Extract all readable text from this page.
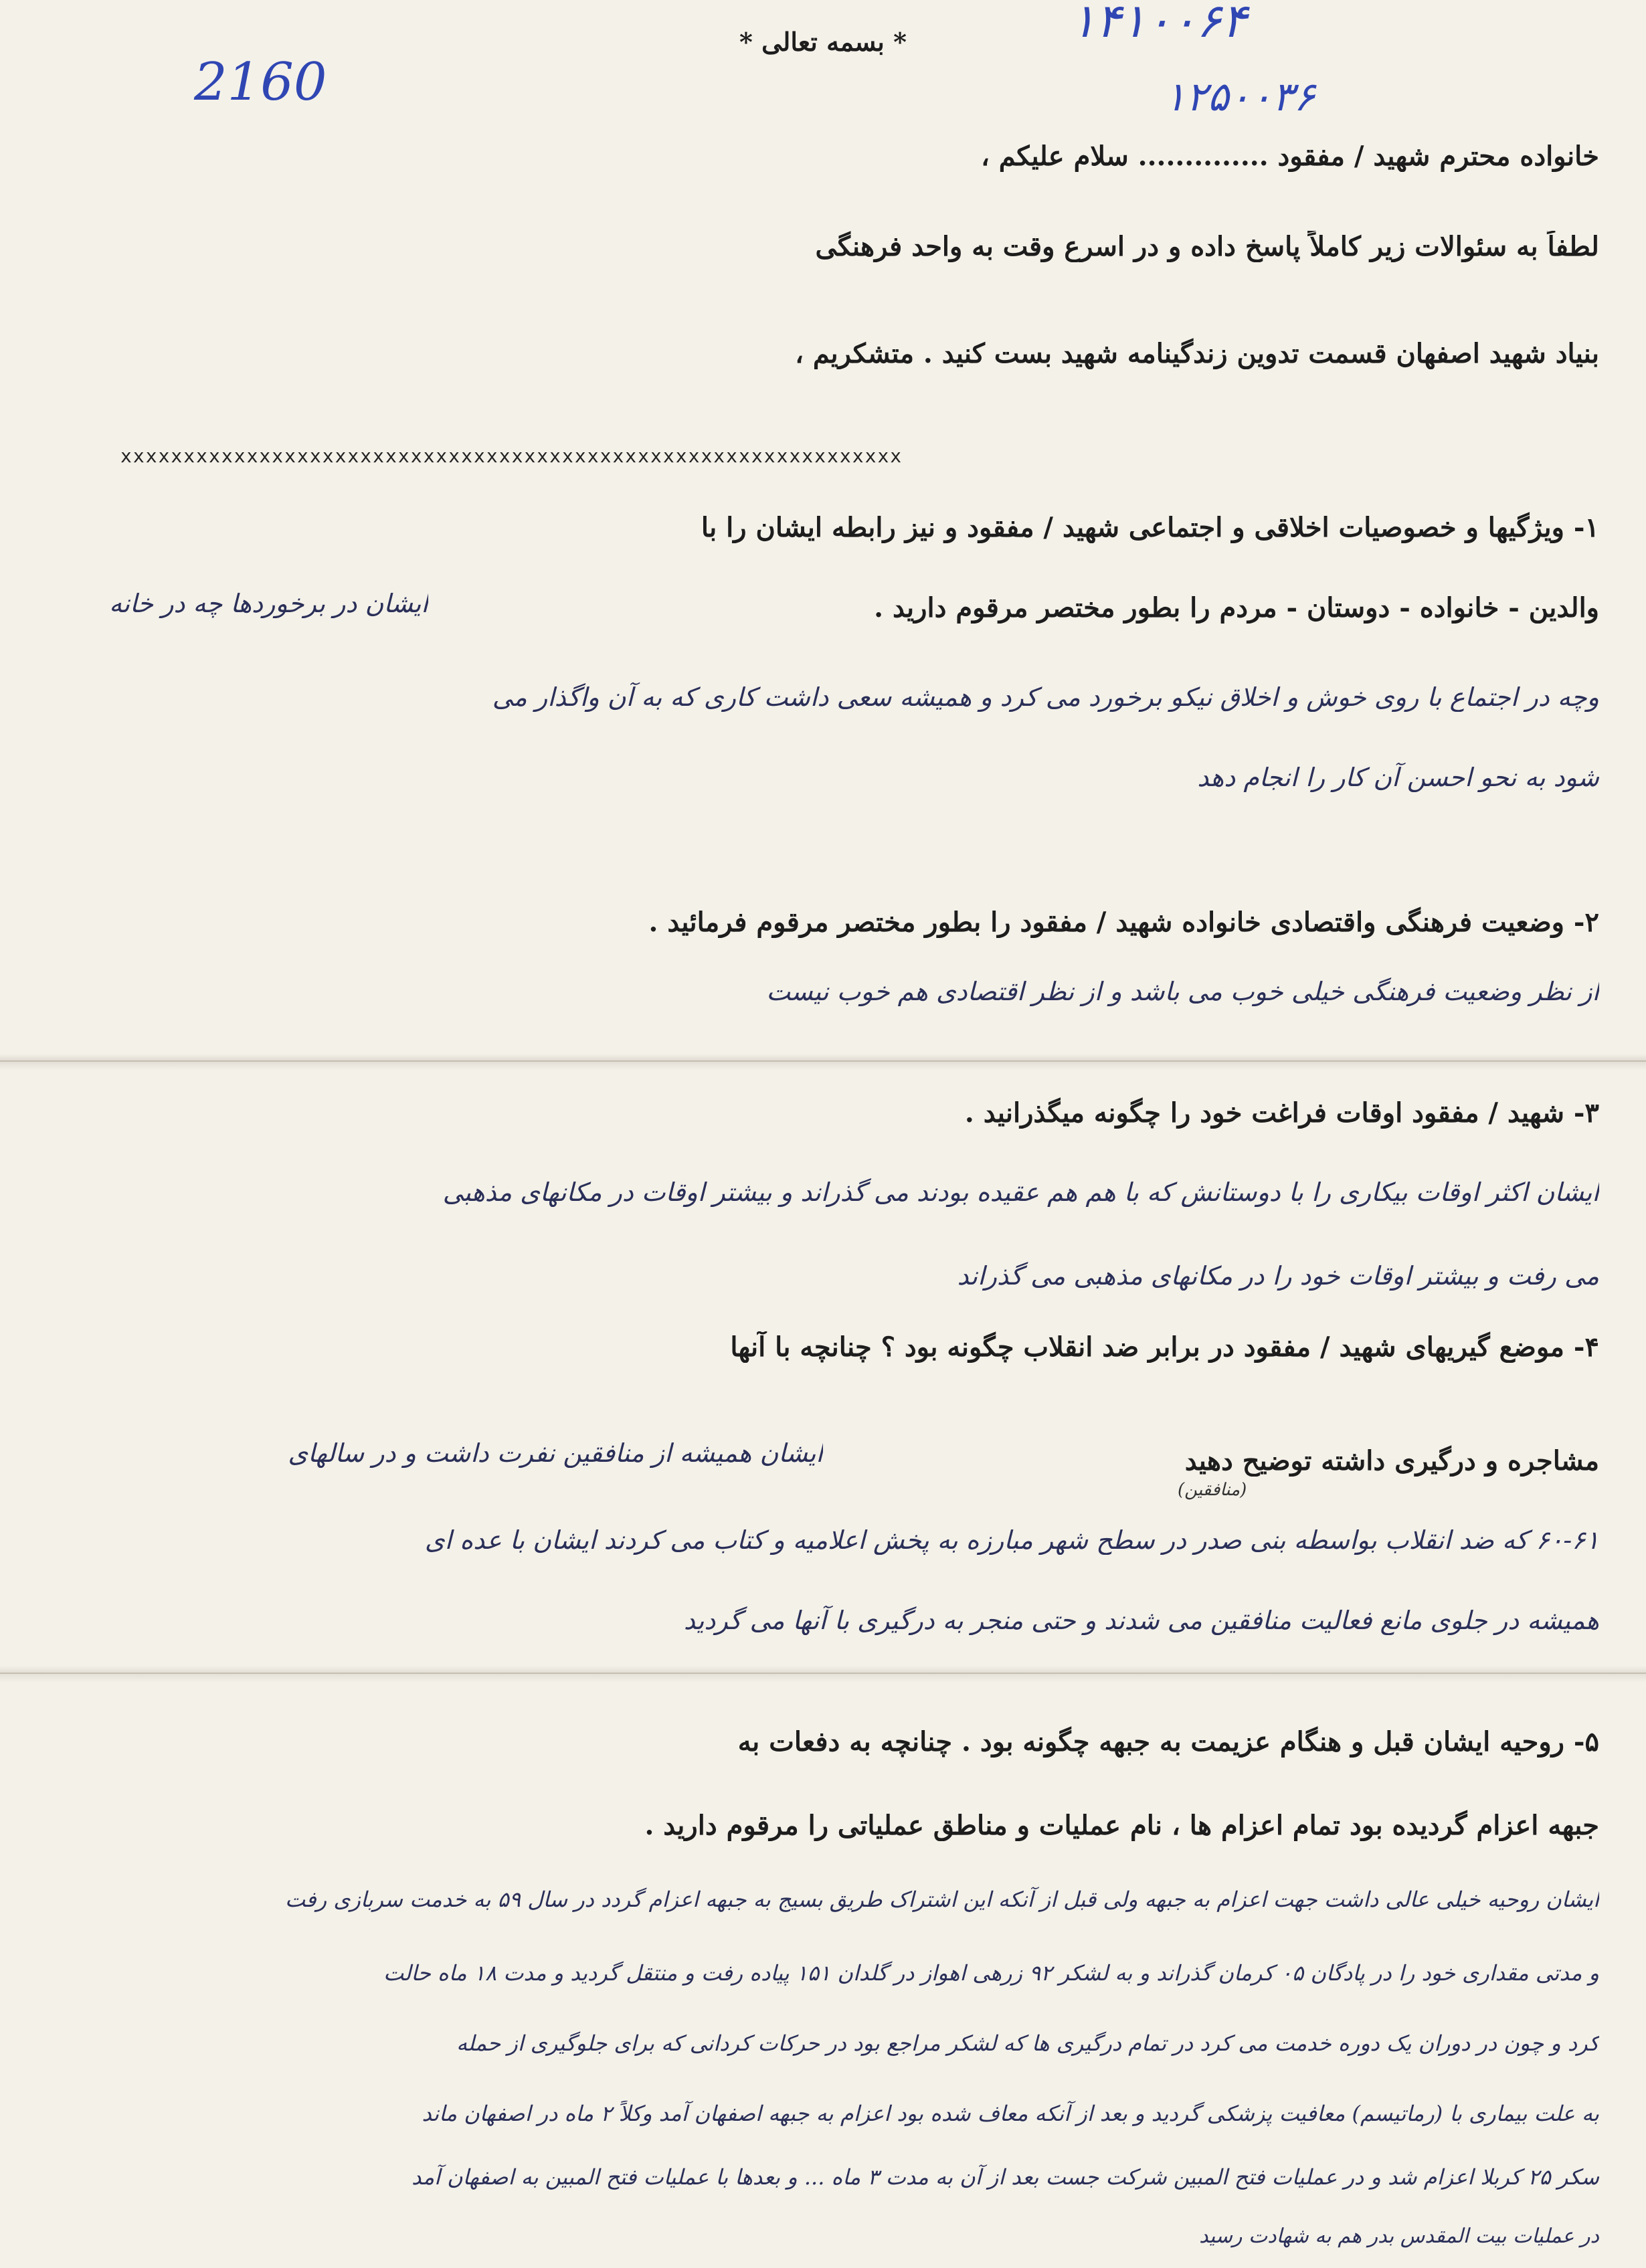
2160
۱۴۱۰۰۶۴
۱۲۵۰۰۳۶
* بسمه تعالی *
خانواده محترم شهید / مفقود .............. سلام علیکم ،
لطفاً به سئوالات زیر کاملاً پاسخ داده و در اسرع وقت به واحد فرهنگی
بنیاد شهید اصفهان قسمت تدوین زندگینامه شهید بست کنید . متشکریم ،
xxxxxxxxxxxxxxxxxxxxxxxxxxxxxxxxxxxxxxxxxxxxxxxxxxxxxxxxxxxxxx
۱- ویژگیها و خصوصیات اخلاقی و اجتماعی شهید / مفقود و نیز رابطه ایشان را با
والدین - خانواده - دوستان - مردم را بطور مختصر مرقوم دارید .
ایشان در برخوردها چه در خانه
وچه در اجتماع با روی خوش و اخلاق نیکو برخورد می کرد و همیشه سعی داشت کاری که به آن واگذار می
شود به نحو احسن آن کار را انجام دهد
۲- وضعیت فرهنگی واقتصادی خانواده شهید / مفقود را بطور مختصر مرقوم فرمائید .
از نظر وضعیت فرهنگی خیلی خوب می باشد و از نظر اقتصادی هم خوب نیست
۳- شهید / مفقود اوقات فراغت خود را چگونه میگذرانید .
ایشان اکثر اوقات بیکاری را با دوستانش که با هم هم عقیده بودند می گذراند و بیشتر اوقات در مکانهای مذهبی
می رفت و بیشتر اوقات خود را در مکانهای مذهبی می گذراند
۴- موضع گیریهای شهید / مفقود در برابر ضد انقلاب چگونه بود ؟ چنانچه با آنها
مشاجره و درگیری داشته توضیح دهید
ایشان همیشه از منافقین نفرت داشت و در سالهای
(منافقین)
۶۰-۶۱ که ضد انقلاب بواسطه بنی صدر در سطح شهر مبارزه به پخش اعلامیه و کتاب می کردند ایشان با عده ای
همیشه در جلوی مانع فعالیت منافقین می شدند و حتی منجر به درگیری با آنها می گردید
۵- روحیه ایشان قبل و هنگام عزیمت به جبهه چگونه بود . چنانچه به دفعات به
جبهه اعزام گردیده بود تمام اعزام ها ، نام عملیات و مناطق عملیاتی را مرقوم دارید .
ایشان روحیه خیلی عالی داشت جهت اعزام به جبهه ولی قبل از آنکه این اشتراک طریق بسیج به جبهه اعزام گردد در سال ۵۹ به خدمت سربازی رفت
و مدتی مقداری خود را در پادگان ۰۵ کرمان گذراند و به لشکر ۹۲ زرهی اهواز در گلدان ۱۵۱ پیاده رفت و منتقل گردید و مدت ۱۸ ماه حالت
کرد و چون در دوران یک دوره خدمت می کرد در تمام درگیری ها که لشکر مراجع بود در حرکات کردانی که برای جلوگیری از حمله
به علت بیماری با (رماتیسم) معافیت پزشکی گردید و بعد از آنکه معاف شده بود اعزام به جبهه اصفهان آمد وکلاً ۲ ماه در اصفهان ماند
سکر ۲۵ کربلا اعزام شد و در عملیات فتح المبین شرکت جست بعد از آن به مدت ۳ ماه ... و بعدها با عملیات فتح المبین به اصفهان آمد
در عملیات بیت المقدس بدر هم به شهادت رسید
